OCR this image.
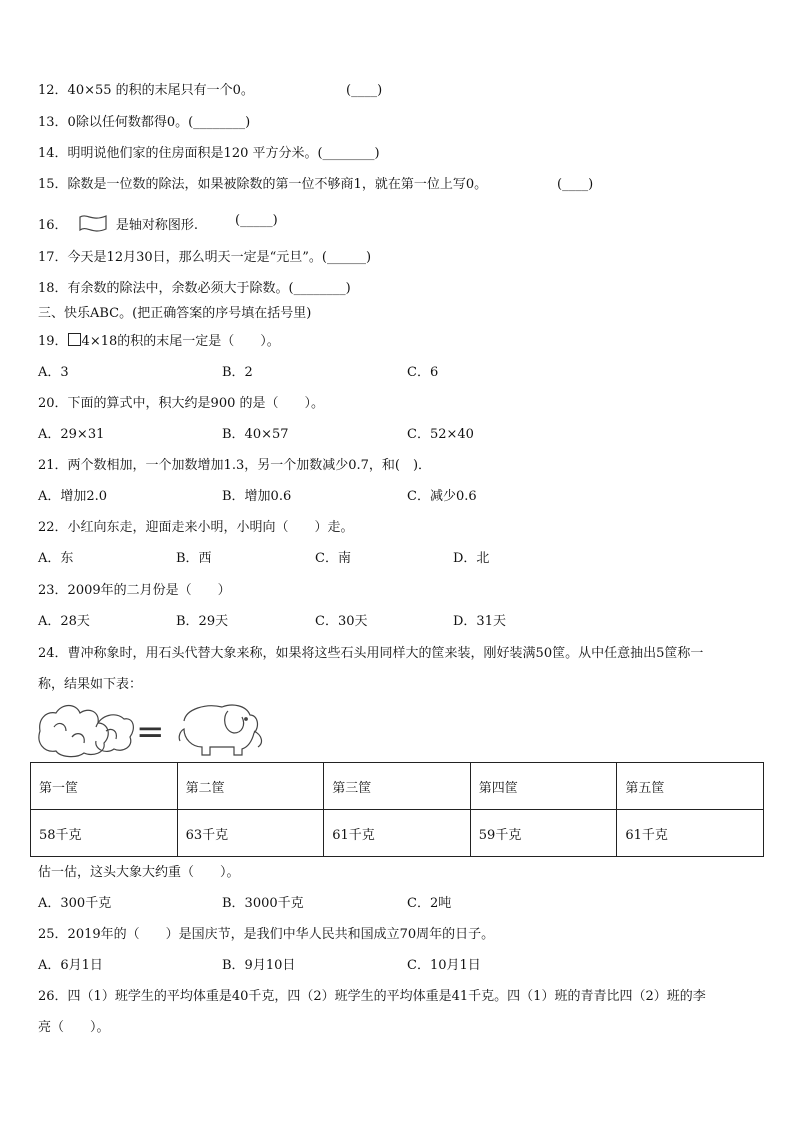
12．40×55 的积的末尾只有一个0。	(____)
13．0除以任何数都得0。(________)
14．明明说他们家的住房面积是120 平方分米。(________)
15．除数是一位数的除法，如果被除数的第一位不够商1，就在第一位上写0。	(____)
16．	是轴对称图形.	(_____)
17．今天是12月30日，那么明天一定是“元旦”。(______)
18．有余数的除法中，余数必须大于除数。(________)
三、快乐ABC。(把正确答案的序号填在括号里)
19． 4×18的积的末尾一定是（　　）。
A．3	B．2	C．6
20．下面的算式中，积大约是900 的是（　　）。
A．29×31	B．40×57	C．52×40
21．两个数相加，一个加数增加1.3，另一个加数减少0.7，和(　)．
A．增加2.0	B．增加0.6	C．减少0.6
22．小红向东走，迎面走来小明，小明向（　　）走。
A．东	B．西	C．南	D．北
23．2009年的二月份是（　　）
A．28天	B．29天	C．30天	D．31天
24．曹冲称象时，用石头代替大象来称，如果将这些石头用同样大的筐来装，刚好装满50筐。从中任意抽出5筐称一
称，结果如下表：
=
第一筐	第二筐	第三筐	第四筐	第五筐
58千克	63千克	61千克	59千克	61千克
估一估，这头大象大约重（　　）。
A．300千克	B．3000千克	C．2吨
25．2019年的（　　）是国庆节，是我们中华人民共和国成立70周年的日子。
A．6月1日	B．9月10日	C．10月1日
26．四（1）班学生的平均体重是40千克，四（2）班学生的平均体重是41千克。四（1）班的青青比四（2）班的李
亮（　　）。
